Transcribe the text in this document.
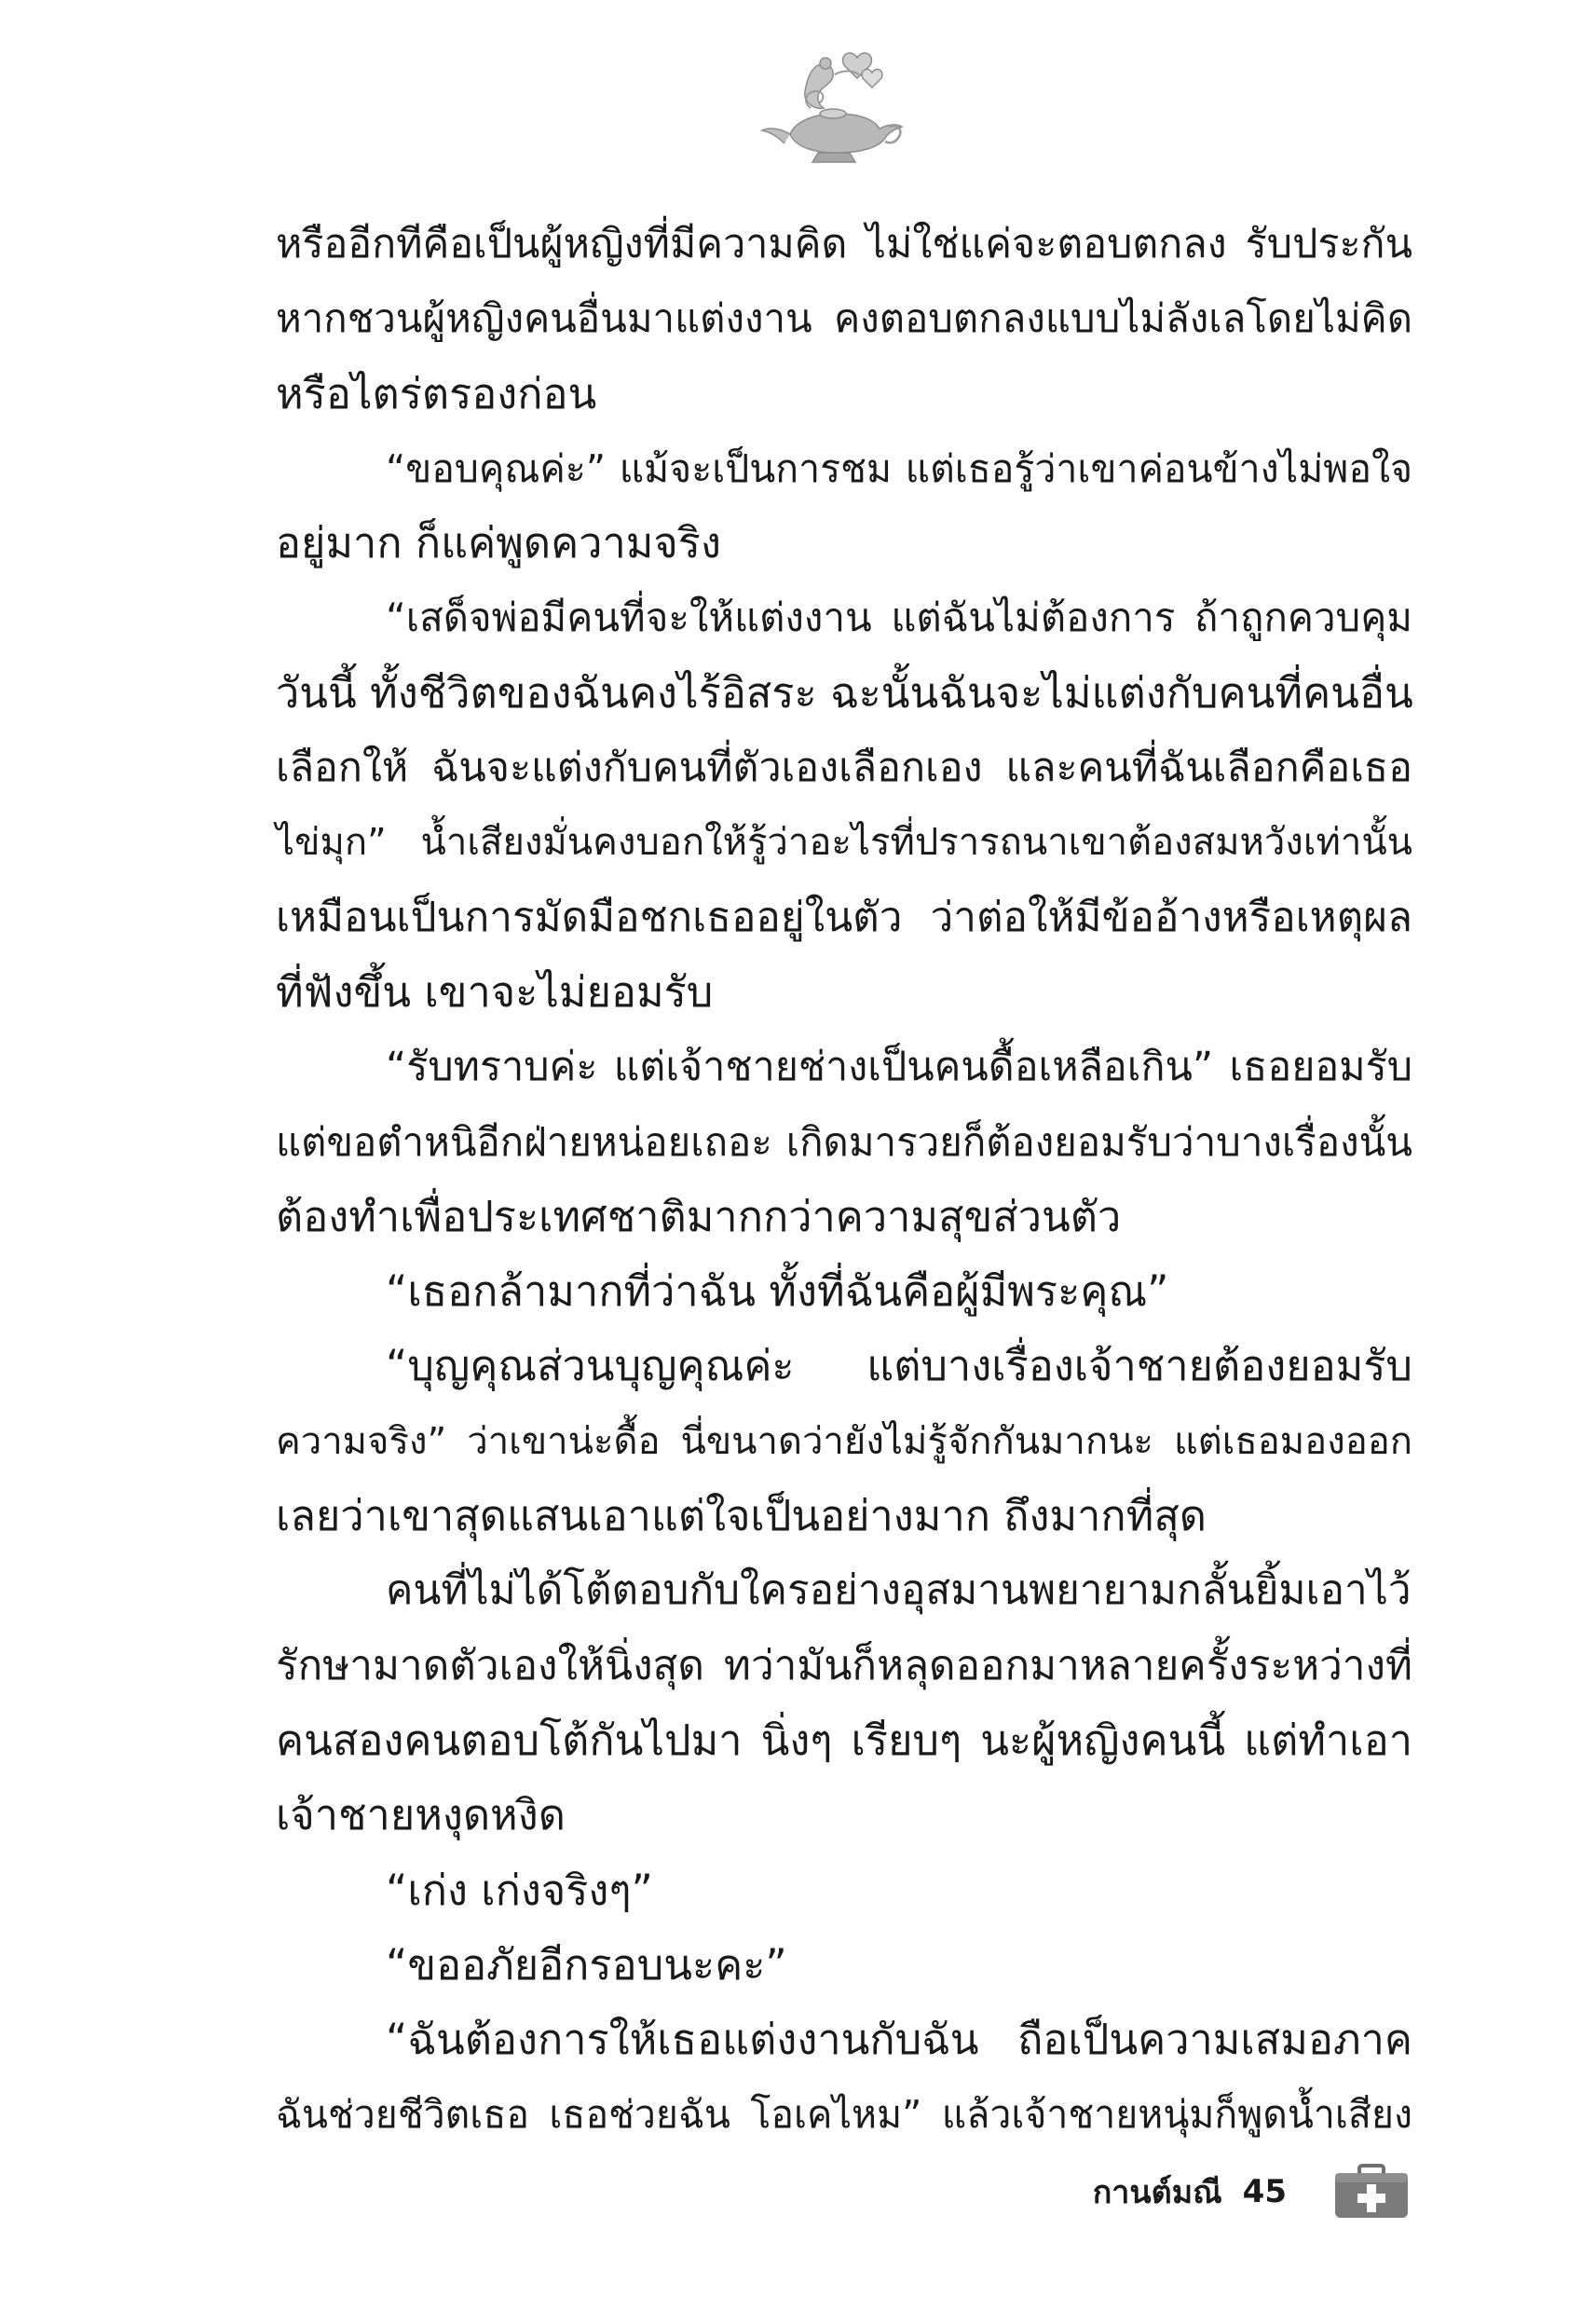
หรืออีกทีคือเป็นผู้หญิงที่มีความคิด ไม่ใช่แค่จะตอบตกลง รับประกัน
หากชวนผู้หญิงคนอื่นมาแต่งงาน คงตอบตกลงแบบไม่ลังเลโดยไม่คิด
หรือไตร่ตรองก่อน
“ขอบคุณค่ะ” แม้จะเป็นการชม แต่เธอรู้ว่าเขาค่อนข้างไม่พอใจ
อยู่มาก ก็แค่พูดความจริง
“เสด็จพ่อมีคนที่จะให้แต่งงาน แต่ฉันไม่ต้องการ ถ้าถูกควบคุม
วันนี้ ทั้งชีวิตของฉันคงไร้อิสระ ฉะนั้นฉันจะไม่แต่งกับคนที่คนอื่น
เลือกให้ ฉันจะแต่งกับคนที่ตัวเองเลือกเอง และคนที่ฉันเลือกคือเธอ
ไข่มุก” น้ำเสียงมั่นคงบอกให้รู้ว่าอะไรที่ปรารถนาเขาต้องสมหวังเท่านั้น
เหมือนเป็นการมัดมือชกเธออยู่ในตัว ว่าต่อให้มีข้ออ้างหรือเหตุผล
ที่ฟังขึ้น เขาจะไม่ยอมรับ
“รับทราบค่ะ แต่เจ้าชายช่างเป็นคนดื้อเหลือเกิน” เธอยอมรับ
แต่ขอตำหนิอีกฝ่ายหน่อยเถอะ เกิดมารวยก็ต้องยอมรับว่าบางเรื่องนั้น
ต้องทำเพื่อประเทศชาติมากกว่าความสุขส่วนตัว
“เธอกล้ามากที่ว่าฉัน ทั้งที่ฉันคือผู้มีพระคุณ”
“บุญคุณส่วนบุญคุณค่ะ แต่บางเรื่องเจ้าชายต้องยอมรับ
ความจริง” ว่าเขาน่ะดื้อ นี่ขนาดว่ายังไม่รู้จักกันมากนะ แต่เธอมองออก
เลยว่าเขาสุดแสนเอาแต่ใจเป็นอย่างมาก ถึงมากที่สุด
คนที่ไม่ได้โต้ตอบกับใครอย่างอุสมานพยายามกลั้นยิ้มเอาไว้
รักษามาดตัวเองให้นิ่งสุด ทว่ามันก็หลุดออกมาหลายครั้งระหว่างที่
คนสองคนตอบโต้กันไปมา นิ่งๆ เรียบๆ นะผู้หญิงคนนี้ แต่ทำเอา
เจ้าชายหงุดหงิด
“เก่ง เก่งจริงๆ”
“ขออภัยอีกรอบนะคะ”
“ฉันต้องการให้เธอแต่งงานกับฉัน ถือเป็นความเสมอภาค
ฉันช่วยชีวิตเธอ เธอช่วยฉัน โอเคไหม” แล้วเจ้าชายหนุ่มก็พูดน้ำเสียง
กานต์มณี 45
